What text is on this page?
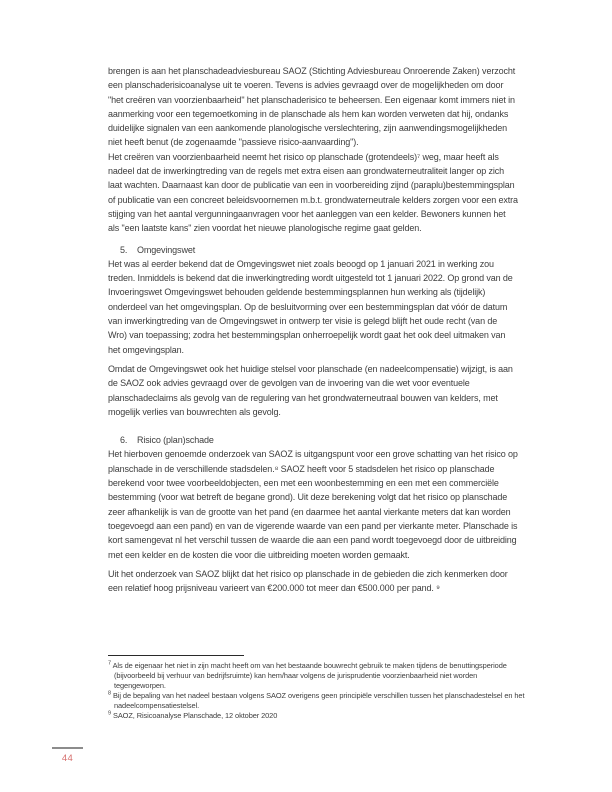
brengen is aan het planschadeadviesbureau SAOZ (Stichting Adviesbureau Onroerende Zaken) verzocht een planschaderisicoanalyse uit te voeren. Tevens is advies gevraagd over de mogelijkheden om door "het creëren van voorzienbaarheid" het planschaderisico te beheersen. Een eigenaar komt immers niet in aanmerking voor een tegemoetkoming in de planschade als hem kan worden verweten dat hij, ondanks duidelijke signalen van een aankomende planologische verslechtering, zijn aanwendingsmogelijkheden niet heeft benut (de zogenaamde "passieve risico-aanvaarding").

Het creëren van voorzienbaarheid neemt het risico op planschade (grotendeels)⁷ weg, maar heeft als nadeel dat de inwerkingtreding van de regels met extra eisen aan grondwaterneutraliteit langer op zich laat wachten. Daarnaast kan door de publicatie van een in voorbereiding zijnd (paraplu)bestemmingsplan of publicatie van een concreet beleidsvoornemen m.b.t. grondwaterneutrale kelders zorgen voor een extra stijging van het aantal vergunningaanvragen voor het aanleggen van een kelder. Bewoners kunnen het als "een laatste kans" zien voordat het nieuwe planologische regime gaat gelden.

5.	Omgevingswet

Het was al eerder bekend dat de Omgevingswet niet zoals beoogd op 1 januari 2021 in werking zou treden. Inmiddels is bekend dat die inwerkingtreding wordt uitgesteld tot 1 januari 2022. Op grond van de Invoeringswet Omgevingswet behouden geldende bestemmingsplannen hun werking als (tijdelijk) onderdeel van het omgevingsplan. Op de besluitvorming over een bestemmingsplan dat vóór de datum van inwerkingtreding van de Omgevingswet in ontwerp ter visie is gelegd blijft het oude recht (van de Wro) van toepassing; zodra het bestemmingsplan onherroepelijk wordt gaat het ook deel uitmaken van het omgevingsplan.

Omdat de Omgevingswet ook het huidige stelsel voor planschade (en nadeelcompensatie) wijzigt, is aan de SAOZ ook advies gevraagd over de gevolgen van de invoering van die wet voor eventuele planschadeclaims als gevolg van de regulering van het grondwaterneutraal bouwen van kelders, met mogelijk verlies van bouwrechten als gevolg.

6.	Risico (plan)schade

Het hierboven genoemde onderzoek van SAOZ is uitgangspunt voor een grove schatting van het risico op planschade in de verschillende stadsdelen.⁸ SAOZ heeft voor 5 stadsdelen het risico op planschade berekend voor twee voorbeeldobjecten, een met een woonbestemming en een met een commerciële bestemming (voor wat betreft de begane grond). Uit deze berekening volgt dat het risico op planschade zeer afhankelijk is van de grootte van het pand (en daarmee het aantal vierkante meters dat kan worden toegevoegd aan een pand) en van de vigerende waarde van een pand per vierkante meter. Planschade is kort samengevat nl het verschil tussen de waarde die aan een pand wordt toegevoegd door de uitbreiding met een kelder en de kosten die voor die uitbreiding moeten worden gemaakt.

Uit het onderzoek van SAOZ blijkt dat het risico op planschade in de gebieden die zich kenmerken door een relatief hoog prijsniveau varieert van €200.000 tot meer dan €500.000 per pand. ⁹

$^7$ Als de eigenaar het niet in zijn macht heeft om van het bestaande bouwrecht gebruik te maken tijdens de benuttingsperiode (bijvoorbeeld bij verhuur van bedrijfsruimte) kan hem/haar volgens de jurisprudentie voorzienbaarheid niet worden tegengeworpen.

$^8$ Bij de bepaling van het nadeel bestaan volgens SAOZ overigens geen principiële verschillen tussen het planschadestelsel en het nadeelcompensatiestelsel.

$^9$ SAOZ, Risicoanalyse Planschade, 12 oktober 2020

44
